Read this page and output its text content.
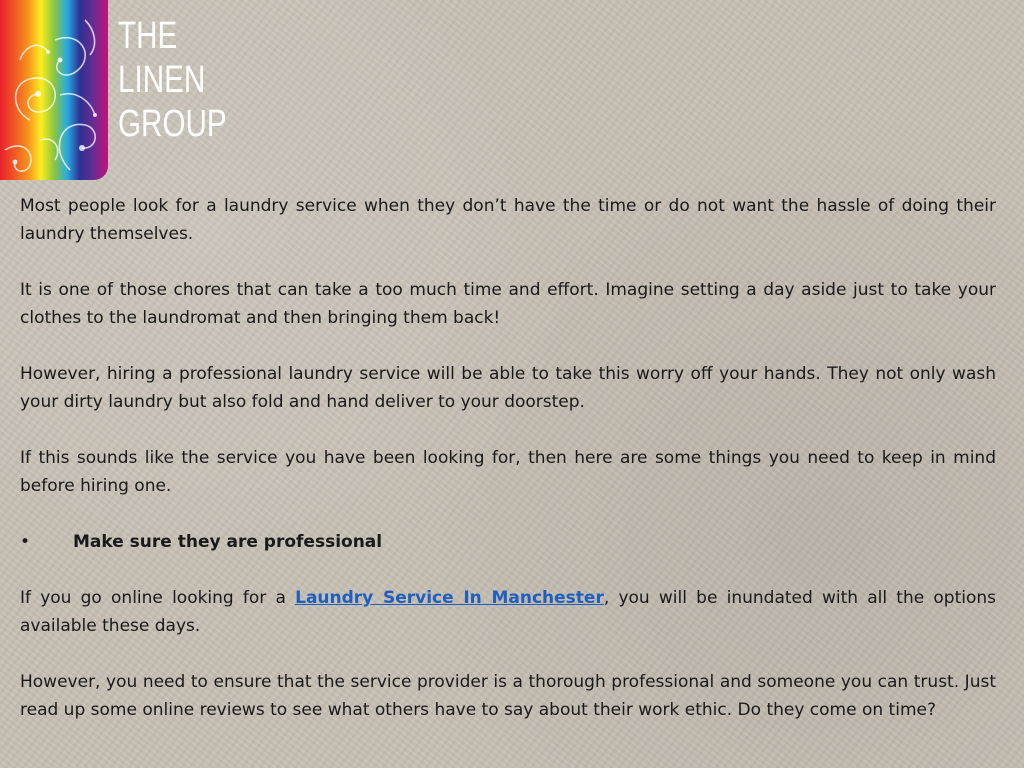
THE
LINEN
GROUP

Most people look for a laundry service when they don’t have the time or do not want the hassle of doing their laundry themselves.

It is one of those chores that can take a too much time and effort. Imagine setting a day aside just to take your clothes to the laundromat and then bringing them back!

However, hiring a professional laundry service will be able to take this worry off your hands. They not only wash your dirty laundry but also fold and hand deliver to your doorstep.

If this sounds like the service you have been looking for, then here are some things you need to keep in mind before hiring one.

•	Make sure they are professional

If you go online looking for a Laundry Service In Manchester, you will be inundated with all the options available these days.

However, you need to ensure that the service provider is a thorough professional and someone you can trust. Just read up some online reviews to see what others have to say about their work ethic. Do they come on time?
